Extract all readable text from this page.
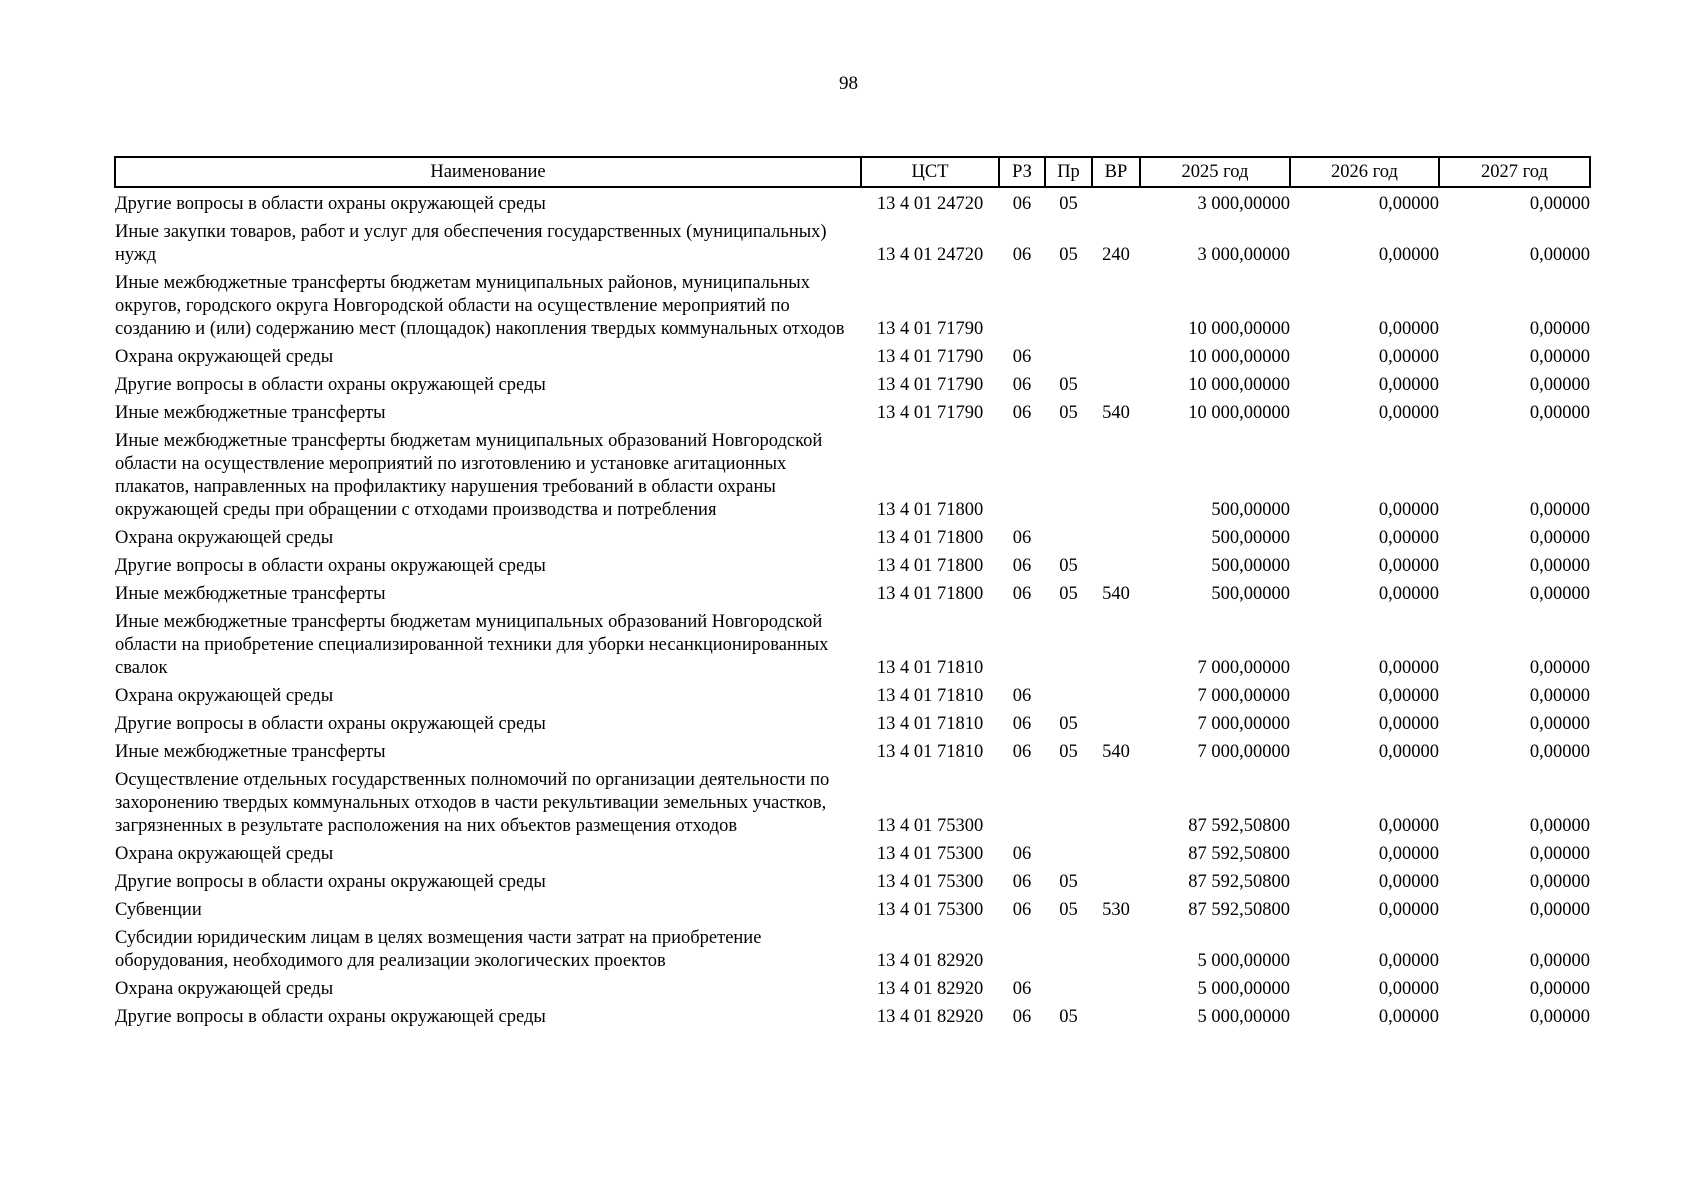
98
Наименование	ЦСТ	РЗ	Пр	ВР	2025 год	2026 год	2027 год
Другие вопросы в области охраны окружающей среды	13 4 01 24720	06	05		3 000,00000	0,00000	0,00000
Иные закупки товаров, работ и услуг для обеспечения государственных (муниципальных) нужд	13 4 01 24720	06	05	240	3 000,00000	0,00000	0,00000
Иные межбюджетные трансферты бюджетам муниципальных районов, муниципальных округов, городского округа Новгородской области на осуществление мероприятий по созданию и (или) содержанию мест (площадок) накопления твердых коммунальных отходов	13 4 01 71790				10 000,00000	0,00000	0,00000
Охрана окружающей среды	13 4 01 71790	06			10 000,00000	0,00000	0,00000
Другие вопросы в области охраны окружающей среды	13 4 01 71790	06	05		10 000,00000	0,00000	0,00000
Иные межбюджетные трансферты	13 4 01 71790	06	05	540	10 000,00000	0,00000	0,00000
Иные межбюджетные трансферты бюджетам муниципальных образований Новгородской области на осуществление мероприятий по изготовлению и установке агитационных плакатов, направленных на профилактику нарушения требований в области охраны окружающей среды при обращении с отходами производства и потребления	13 4 01 71800				500,00000	0,00000	0,00000
Охрана окружающей среды	13 4 01 71800	06			500,00000	0,00000	0,00000
Другие вопросы в области охраны окружающей среды	13 4 01 71800	06	05		500,00000	0,00000	0,00000
Иные межбюджетные трансферты	13 4 01 71800	06	05	540	500,00000	0,00000	0,00000
Иные межбюджетные трансферты бюджетам муниципальных образований Новгородской области на приобретение специализированной техники для уборки несанкционированных свалок	13 4 01 71810				7 000,00000	0,00000	0,00000
Охрана окружающей среды	13 4 01 71810	06			7 000,00000	0,00000	0,00000
Другие вопросы в области охраны окружающей среды	13 4 01 71810	06	05		7 000,00000	0,00000	0,00000
Иные межбюджетные трансферты	13 4 01 71810	06	05	540	7 000,00000	0,00000	0,00000
Осуществление отдельных государственных полномочий по организации деятельности по захоронению твердых коммунальных отходов в части рекультивации земельных участков, загрязненных в результате расположения на них объектов размещения отходов	13 4 01 75300				87 592,50800	0,00000	0,00000
Охрана окружающей среды	13 4 01 75300	06			87 592,50800	0,00000	0,00000
Другие вопросы в области охраны окружающей среды	13 4 01 75300	06	05		87 592,50800	0,00000	0,00000
Субвенции	13 4 01 75300	06	05	530	87 592,50800	0,00000	0,00000
Субсидии юридическим лицам в целях возмещения части затрат на приобретение оборудования, необходимого для реализации экологических проектов	13 4 01 82920				5 000,00000	0,00000	0,00000
Охрана окружающей среды	13 4 01 82920	06			5 000,00000	0,00000	0,00000
Другие вопросы в области охраны окружающей среды	13 4 01 82920	06	05		5 000,00000	0,00000	0,00000
